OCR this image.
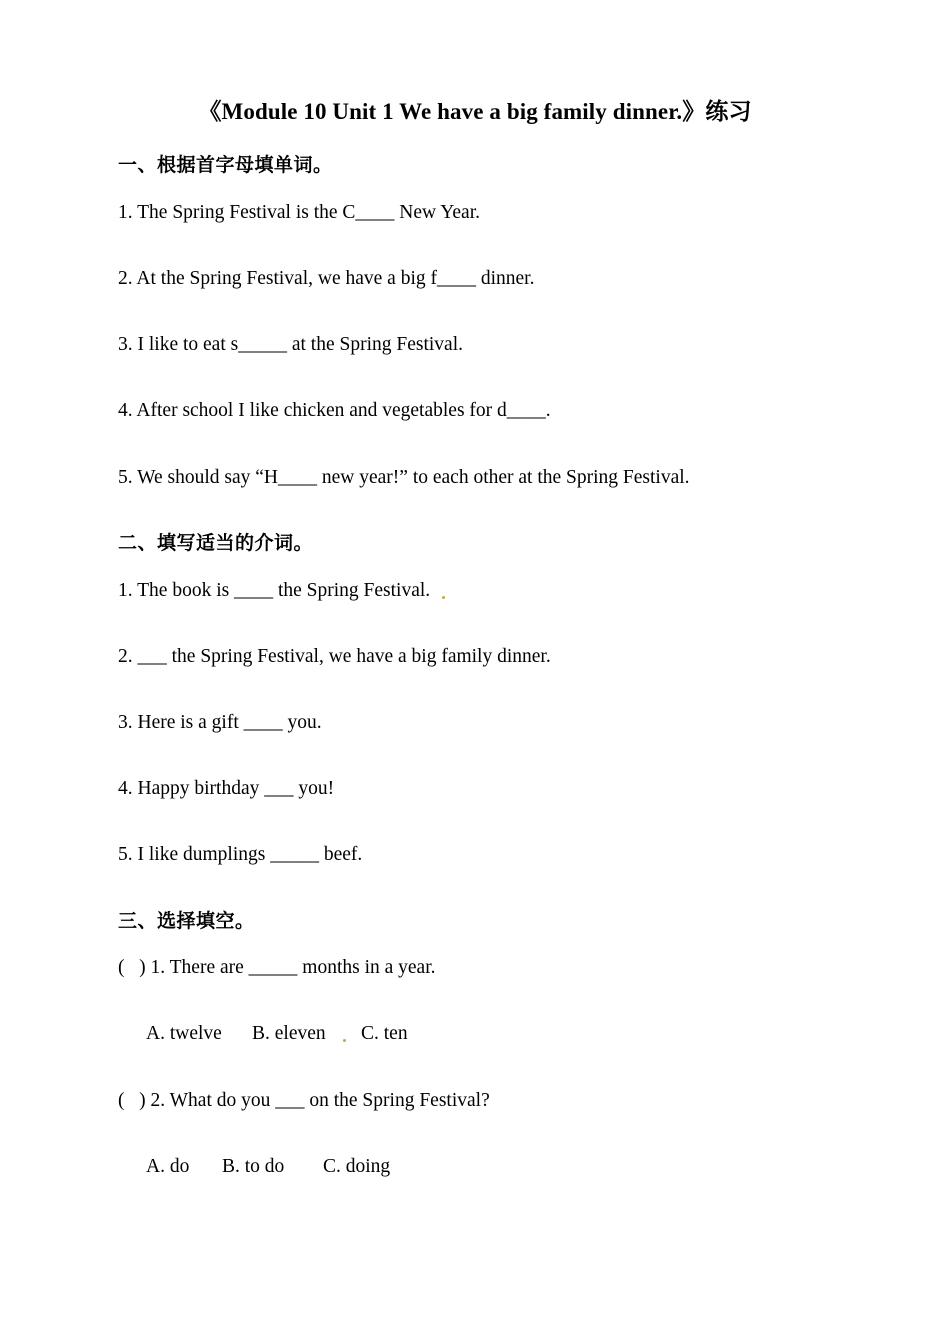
《Module 10 Unit 1 We have a big family dinner.》练习
一、根据首字母填单词。
1. The Spring Festival is the C____ New Year.
2. At the Spring Festival, we have a big f____ dinner.
3. I like to eat s_____ at the Spring Festival.
4. After school I like chicken and vegetables for d____.
5. We should say “H____ new year!” to each other at the Spring Festival.
二、填写适当的介词。
1. The book is ____ the Spring Festival.
2. ___ the Spring Festival, we have a big family dinner.
3. Here is a gift ____ you.
4. Happy birthday ___ you!
5. I like dumplings _____ beef.
三、选择填空。
(   ) 1. There are _____ months in a year.
A. twelve B. eleven C. ten
(   ) 2. What do you ___ on the Spring Festival?
A. do B. to do C. doing
